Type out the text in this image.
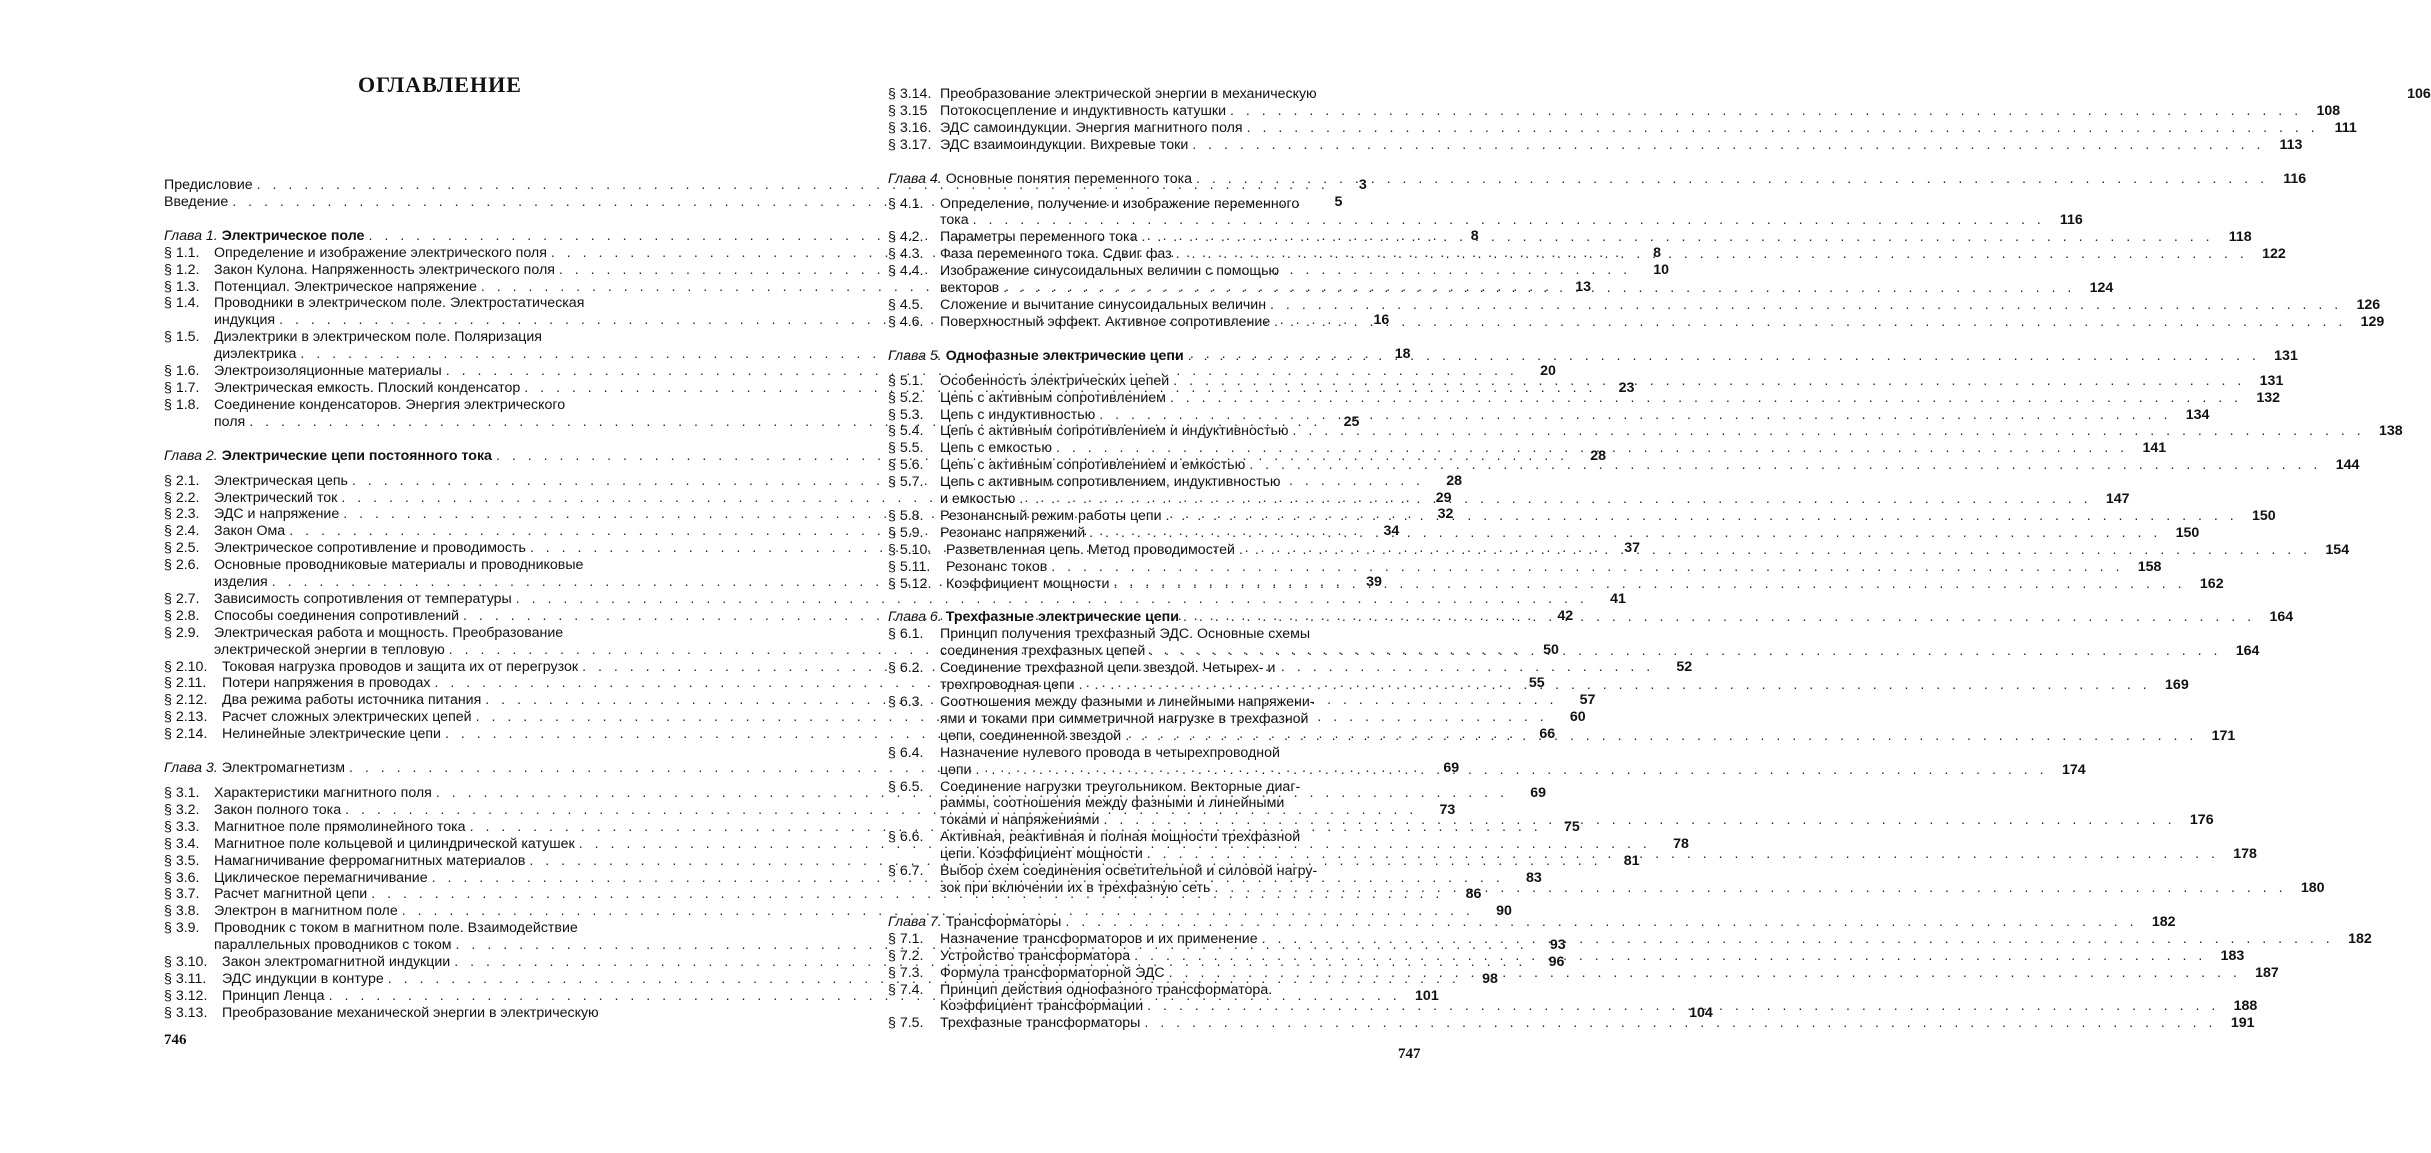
ОГЛАВЛЕНИЕ
Предисловие . . .	3
Введение . . .	5
Глава 1. Электрическое поле . . .	8
§ 1.1.	Определение и изображение электрического поля . . .	8
§ 1.2.	Закон Кулона. Напряженность электрического поля . . .	10
§ 1.3.	Потенциал. Электрическое напряжение . . .	13
§ 1.4.	Проводники в электрическом поле. Электростатическая
индукция . . .	16
§ 1.5.	Диэлектрики в электрическом поле. Поляризация
диэлектрика . . .	18
§ 1.6.	Электроизоляционные материалы . . .	20
§ 1.7.	Электрическая емкость. Плоский конденсатор . . .	23
§ 1.8.	Соединение конденсаторов. Энергия электрического
поля . . .	25
Глава 2. Электрические цепи постоянного тока . . .	28
§ 2.1.	Электрическая цепь . . .	28
§ 2.2.	Электрический ток . . .	29
§ 2.3.	ЭДС и напряжение . . .	32
§ 2.4.	Закон Ома . . .	34
§ 2.5.	Электрическое сопротивление и проводимость . . .	37
§ 2.6.	Основные проводниковые материалы и проводниковые
изделия . . .	39
§ 2.7.	Зависимость сопротивления от температуры . . .	41
§ 2.8.	Способы соединения сопротивлений . . .	42
§ 2.9.	Электрическая работа и мощность. Преобразование
электрической энергии в тепловую . . .	50
§ 2.10.	Токовая нагрузка проводов и защита их от перегрузок . . .	52
§ 2.11.	Потери напряжения в проводах . . .	55
§ 2.12.	Два режима работы источника питания . . .	57
§ 2.13.	Расчет сложных электрических цепей . . .	60
§ 2.14.	Нелинейные электрические цепи . . .	66
Глава 3. Электромагнетизм . . .	69
§ 3.1.	Характеристики магнитного поля . . .	69
§ 3.2.	Закон полного тока . . .	73
§ 3.3.	Магнитное поле прямолинейного тока . . .	75
§ 3.4.	Магнитное поле кольцевой и цилиндрической катушек . . .	78
§ 3.5.	Намагничивание ферромагнитных материалов . . .	81
§ 3.6.	Циклическое перемагничивание . . .	83
§ 3.7.	Расчет магнитной цепи . . .	86
§ 3.8.	Электрон в магнитном поле . . .	90
§ 3.9.	Проводник с током в магнитном поле. Взаимодействие
параллельных проводников с током . . .	93
§ 3.10.	Закон электромагнитной индукции . . .	96
§ 3.11.	ЭДС индукции в контуре . . .	98
§ 3.12.	Принцип Ленца . . .	101
§ 3.13.	Преобразование механической энергии в электрическую	104
746
§ 3.14. Преобразование электрической энергии в механическую	106
§ 3.15 Потокосцепление и индуктивность катушки . . .	108
§ 3.16. ЭДС самоиндукции. Энергия магнитного поля . . .	111
§ 3.17. ЭДС взаимоиндукции. Вихревые токи . . .	113
Глава 4. Основные понятия переменного тока . . .	116
§ 4.1.	Определение, получение и изображение переменного
тока . . .	116
§ 4.2.	Параметры переменного тока . . .	118
§ 4.3.	Фаза переменного тока. Сдвиг фаз . . .	122
§ 4.4.	Изображение синусоидальных величин с помощью
векторов . . .	124
§ 4.5.	Сложение и вычитание синусоидальных величин . . .	126
§ 4.6.	Поверхностный эффект. Активное сопротивление . . .	129
Глава 5. Однофазные электрические цепи . . .	131
§ 5.1.	Особенность электрических цепей . . .	131
§ 5.2.	Цепь с активным сопротивлением . . .	132
§ 5.3.	Цепь с индуктивностью . . .	134
§ 5.4.	Цепь с активным сопротивлением и индуктивностью . . .	138
§ 5.5.	Цепь с емкостью . . .	141
§ 5.6.	Цепь с активным сопротивлением и емкостью . . .	144
§ 5.7.	Цепь с активным сопротивлением, индуктивностью
и емкостью . . .	147
§ 5.8.	Резонансный режим работы цепи . . .	150
§ 5.9.	Резонанс напряжений . . .	150
§ 5.10.	Разветвленная цепь. Метод проводимостей . . .	154
§ 5.11.	Резонанс токов . . .	158
§ 5.12.	Коэффициент мощности . . .	162
Глава 6. Трехфазные электрические цепи . . .	164
§ 6.1.	Принцип получения трехфазный ЭДС. Основные схемы
соединения трехфазных цепей . . .	164
§ 6.2.	Соединение трехфазной цепи звездой. Четырех- и
трехпроводная цепи . . .	169
§ 6.3.	Соотношения между фазными и линейными напряжени-
ями и токами при симметричной нагрузке в трехфазной
цепи, соединенной звездой . . .	171
§ 6.4.	Назначение нулевого провода в четырехпроводной
цепи . . .	174
§ 6.5.	Соединение нагрузки треугольником. Векторные диаг-
раммы, соотношения между фазными и линейными
токами и напряжениями . . .	176
§ 6.6.	Активная, реактивная и полная мощности трехфазной
цепи. Коэффициент мощности . . .	178
§ 6.7.	Выбор схем соединения осветительной и силовой нагру-
зок при включении их в трехфазную сеть . . .	180
Глава 7. Трансформаторы . . .	182
§ 7.1.	Назначение трансформаторов и их применение . . .	182
§ 7.2.	Устройство трансформатора . . .	183
§ 7.3.	Формула трансформаторной ЭДС . . .	187
§ 7.4.	Принцип действия однофазного трансформатора.
Коэффициент трансформации . . .	188
§ 7.5.	Трехфазные трансформаторы . . .	191
747
